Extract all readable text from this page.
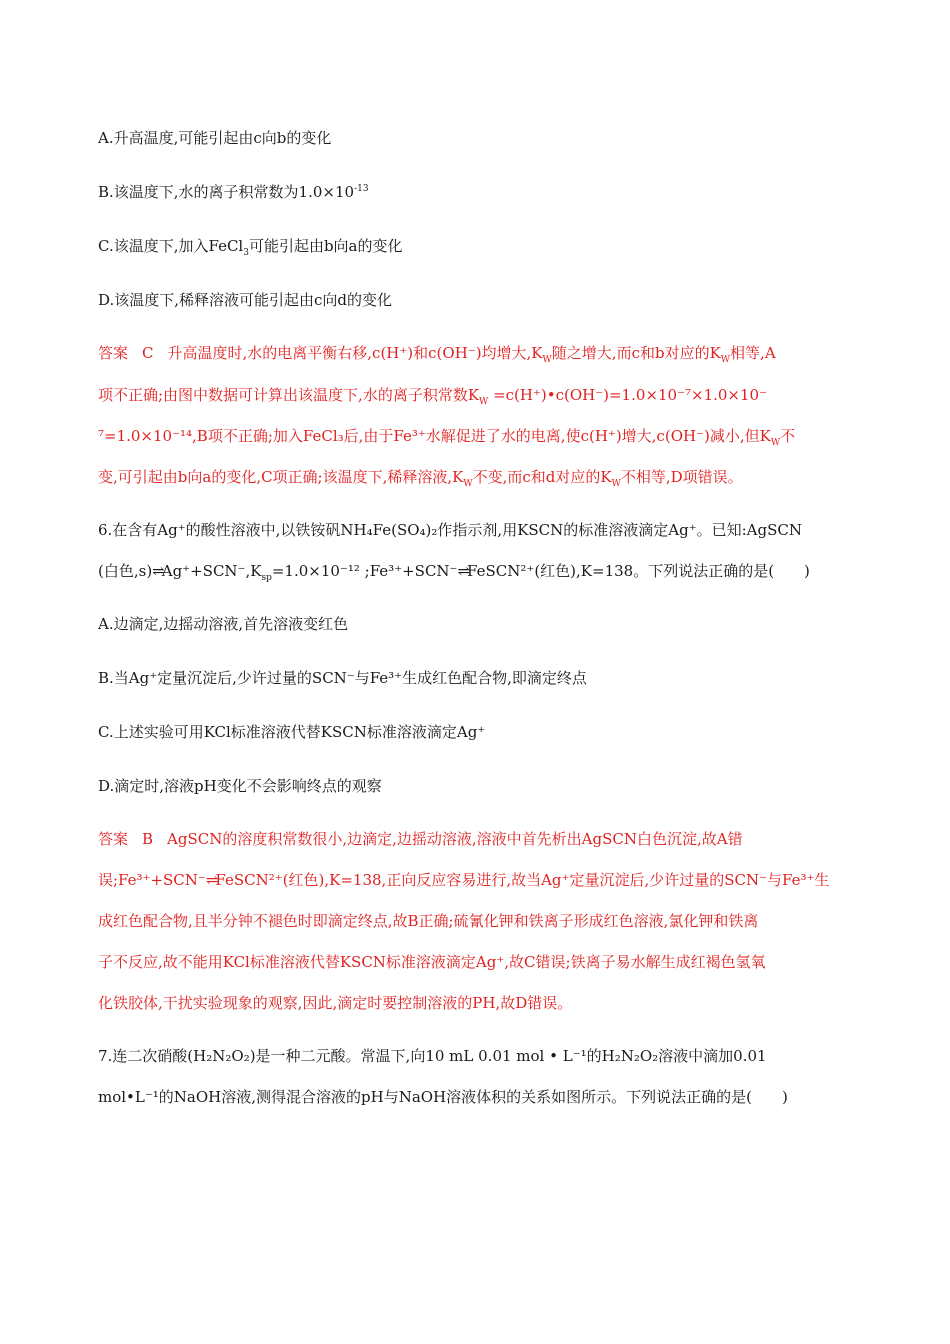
A.升高温度,可能引起由c向b的变化
B.该温度下,水的离子积常数为$1.0\times 10^{-13}$
C.该温度下,加入FeCl$_3$可能引起由b向a的变化
D.该温度下,稀释溶液可能引起由c向d的变化
答案 C 升高温度时,水的电离平衡右移,c(H⁺)和c(OH⁻)均增大$,K_W$随之增大,而c和b对应的$K_W$相等,A
项不正确;由图中数据可计算出该温度下,水的离子积常数$K_W$ =c(H⁺)•c(OH⁻)=1.0×10⁻⁷×1.0×10⁻
⁷=1.0×10⁻¹⁴,B项不正确;加入FeCl₃后,由于Fe³⁺水解促进了水的电离,使c(H⁺)增大,c(OH⁻)减小,但$K_W$不
变,可引起由b向a的变化,C项正确;该温度下,稀释溶液$,K_W$不变,而c和d对应的$K_W$不相等,D项错误。
6.在含有Ag⁺的酸性溶液中,以铁铵矾NH₄Fe(SO₄)₂作指示剂,用KSCN的标准溶液滴定Ag⁺。已知:AgSCN
(白色$,s)\rightleftharpoons Ag^++SCN^-,K_{sp}=1.0\times 10^{-12}$ ;Fe³⁺+SCN⁻⇌FeSCN²⁺(红色),K=138。下列说法正确的是(　　)
A.边滴定,边摇动溶液,首先溶液变红色
B.当Ag⁺定量沉淀后,少许过量的SCN⁻与Fe³⁺生成红色配合物,即滴定终点
C.上述实验可用KCl标准溶液代替KSCN标准溶液滴定Ag⁺
D.滴定时,溶液pH变化不会影响终点的观察
答案 B AgSCN的溶度积常数很小,边滴定,边摇动溶液,溶液中首先析出AgSCN白色沉淀,故A错
误;Fe³⁺+SCN⁻⇌FeSCN²⁺(红色),K=138,正向反应容易进行,故当Ag⁺定量沉淀后,少许过量的SCN⁻与Fe³⁺生
成红色配合物,且半分钟不褪色时即滴定终点,故B正确;硫氰化钾和铁离子形成红色溶液,氯化钾和铁离
子不反应,故不能用KCl标准溶液代替KSCN标准溶液滴定Ag⁺,故C错误;铁离子易水解生成红褐色氢氧
化铁胶体,干扰实验现象的观察,因此,滴定时要控制溶液的PH,故D错误。
7.连二次硝酸(H₂N₂O₂)是一种二元酸。常温下,向10 mL 0.01 mol • L⁻¹的H₂N₂O₂溶液中滴加0.01
mol•L⁻¹的NaOH溶液,测得混合溶液的pH与NaOH溶液体积的关系如图所示。下列说法正确的是(　　)
